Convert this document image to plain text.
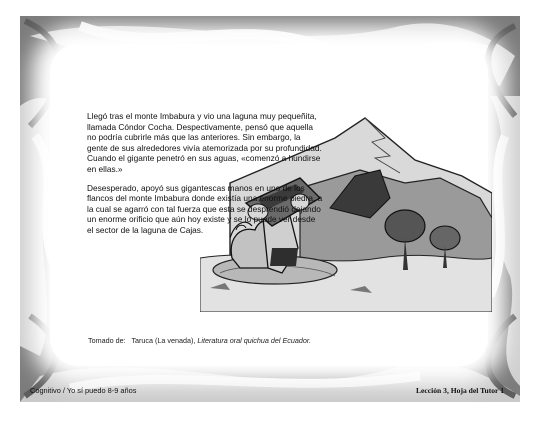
Llegó tras el monte Imbabura y vio una laguna muy pequeñita, llamada Cóndor Cocha. Despectivamente, pensó que aquella no podría cubrirle más que las anteriores. Sin embargo, la gente de sus alrededores vivía atemorizada por su profundidad. Cuando el gigante penetró en sus aguas, «comenzó a hundirse en ellas.»

Desesperado, apoyó sus gigantescas manos en uno de los flancos del monte Imbabura donde existía una enorme piedra, a la cual se agarró con tal fuerza que esta se desprendió dejando un enorme orificio que aún hoy existe y se lo puede ver desde el sector de la laguna de Cajas.

Tomado de: Taruca (La venada), Literatura oral quichua del Ecuador.
Cognitivo / Yo sí puedo 8-9 años	Lección 3, Hoja del Tutor 1
